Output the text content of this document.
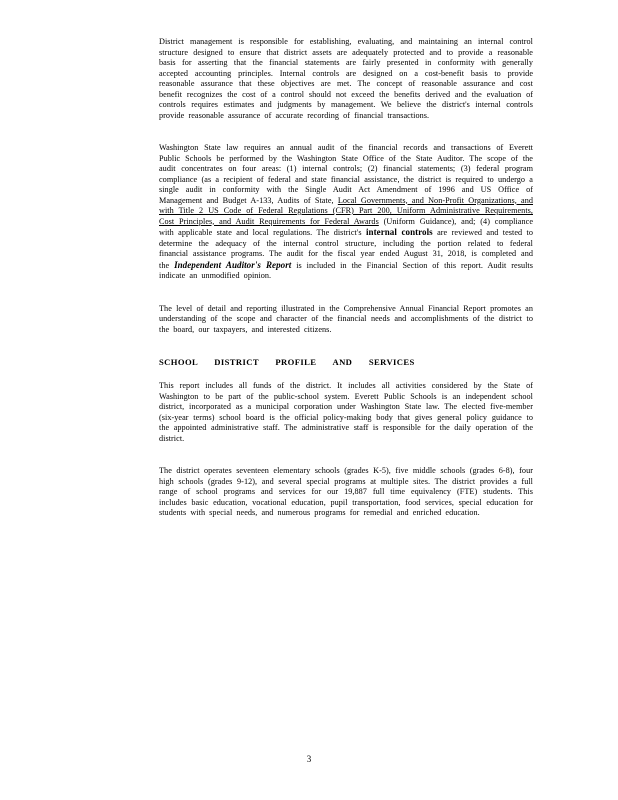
District management is responsible for establishing, evaluating, and maintaining an internal control structure designed to ensure that district assets are adequately protected and to provide a reasonable basis for asserting that the financial statements are fairly presented in conformity with generally accepted accounting principles. Internal controls are designed on a cost-benefit basis to provide reasonable assurance that these objectives are met. The concept of reasonable assurance and cost benefit recognizes the cost of a control should not exceed the benefits derived and the evaluation of controls requires estimates and judgments by management. We believe the district's internal controls provide reasonable assurance of accurate recording of financial transactions.

Washington State law requires an annual audit of the financial records and transactions of Everett Public Schools be performed by the Washington State Office of the State Auditor. The scope of the audit concentrates on four areas: (1) internal controls; (2) financial statements; (3) federal program compliance (as a recipient of federal and state financial assistance, the district is required to undergo a single audit in conformity with the Single Audit Act Amendment of 1996 and US Office of Management and Budget A-133, Audits of State, Local Governments, and Non-Profit Organizations, and with Title 2 US Code of Federal Regulations (CFR) Part 200, Uniform Administrative Requirements, Cost Principles, and Audit Requirements for Federal Awards (Uniform Guidance), and; (4) compliance with applicable state and local regulations. The district's internal controls are reviewed and tested to determine the adequacy of the internal control structure, including the portion related to federal financial assistance programs. The audit for the fiscal year ended August 31, 2018, is completed and the Independent Auditor's Report is included in the Financial Section of this report. Audit results indicate an unmodified opinion.

The level of detail and reporting illustrated in the Comprehensive Annual Financial Report promotes an understanding of the scope and character of the financial needs and accomplishments of the district to the board, our taxpayers, and interested citizens.

SCHOOL DISTRICT PROFILE AND SERVICES

This report includes all funds of the district. It includes all activities considered by the State of Washington to be part of the public-school system. Everett Public Schools is an independent school district, incorporated as a municipal corporation under Washington State law. The elected five-member (six-year terms) school board is the official policy-making body that gives general policy guidance to the appointed administrative staff. The administrative staff is responsible for the daily operation of the district.

The district operates seventeen elementary schools (grades K-5), five middle schools (grades 6-8), four high schools (grades 9-12), and several special programs at multiple sites. The district provides a full range of school programs and services for our 19,887 full time equivalency (FTE) students. This includes basic education, vocational education, pupil transportation, food services, special education for students with special needs, and numerous programs for remedial and enriched education.

3
